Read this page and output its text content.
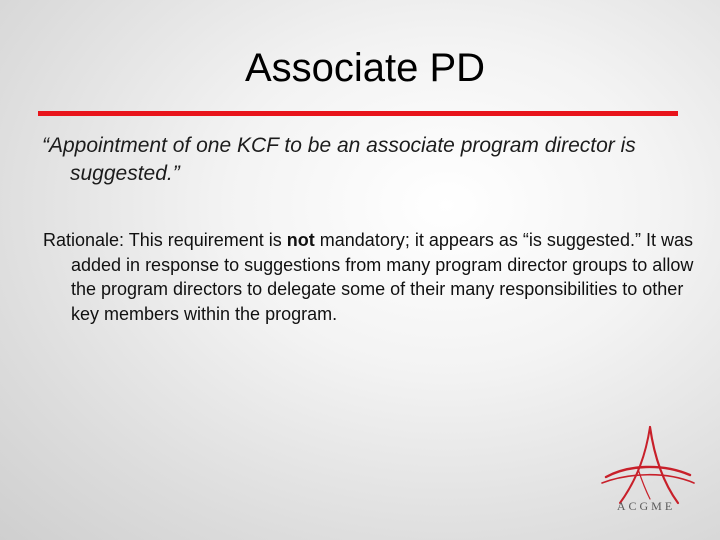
Associate PD

“Appointment of one KCF to be an associate program director is suggested.”

Rationale: This requirement is not mandatory; it appears as “is suggested.” It was added in response to suggestions from many program director groups to allow the program directors to delegate some of their many responsibilities to other key members within the program.

ACGME
